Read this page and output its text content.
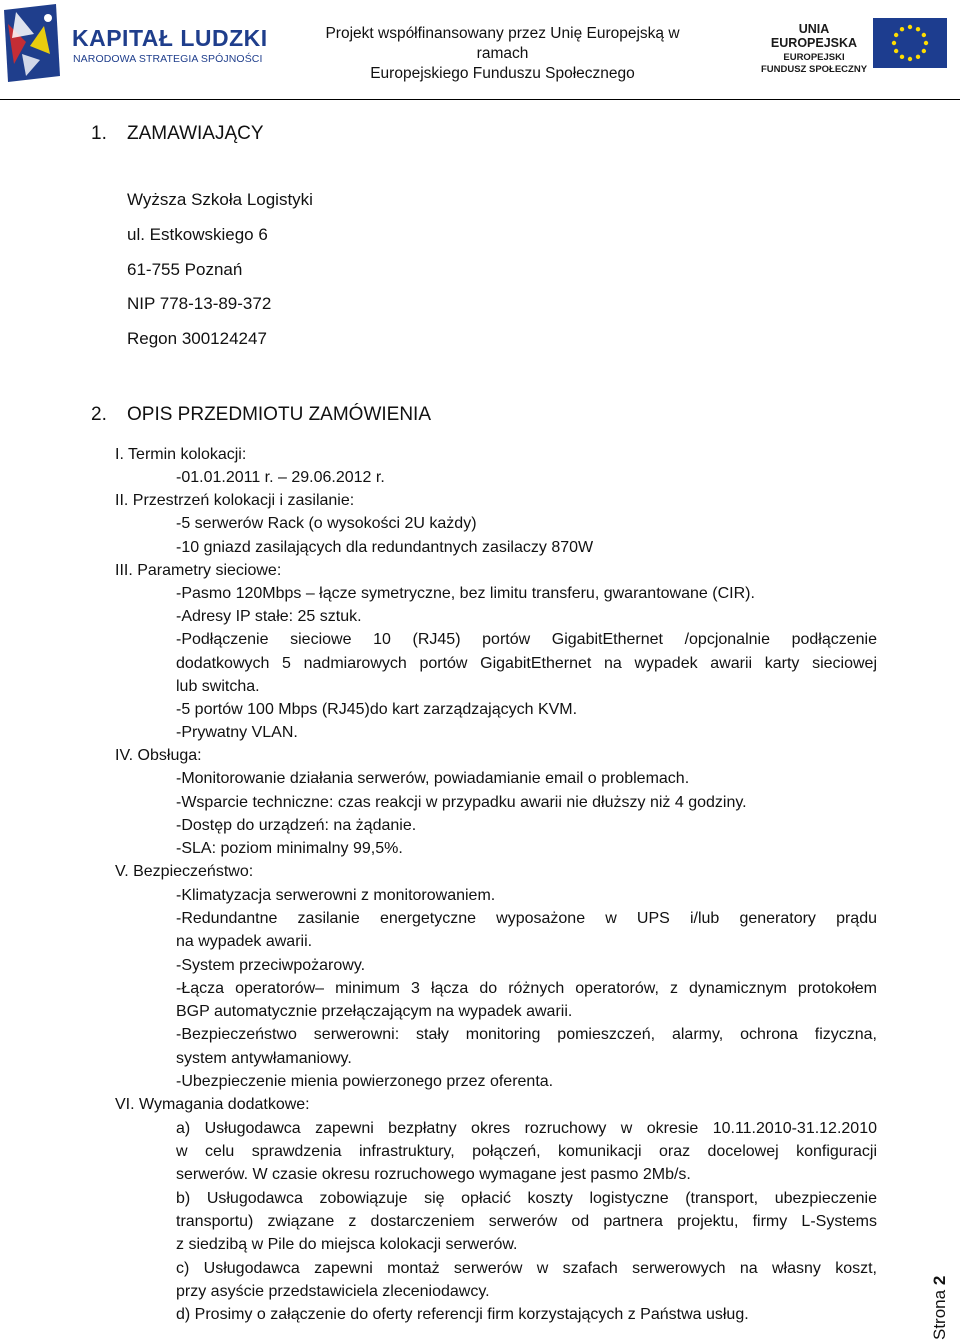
KAPITAŁ LUDZKI
NARODOWA STRATEGIA SPÓJNOŚCI
Projekt współfinansowany przez Unię Europejską w ramach
Europejskiego Funduszu Społecznego
UNIA EUROPEJSKA
EUROPEJSKI
FUNDUSZ SPOŁECZNY
1. ZAMAWIAJĄCY
Wyższa Szkoła Logistyki
ul. Estkowskiego 6
61-755 Poznań
NIP 778-13-89-372
Regon 300124247
2. OPIS PRZEDMIOTU ZAMÓWIENIA
I. Termin kolokacji:
-01.01.2011 r. – 29.06.2012 r.
II. Przestrzeń kolokacji i zasilanie:
-5 serwerów Rack (o wysokości 2U każdy)
-10 gniazd zasilających dla redundantnych zasilaczy 870W
III. Parametry sieciowe:
-Pasmo 120Mbps – łącze symetryczne, bez limitu transferu, gwarantowane (CIR).
-Adresy IP stałe: 25 sztuk.
-Podłączenie sieciowe 10 (RJ45) portów GigabitEthernet /opcjonalnie podłączenie
dodatkowych 5 nadmiarowych portów GigabitEthernet na wypadek awarii karty sieciowej
lub switcha.
-5 portów 100 Mbps (RJ45)do kart zarządzających KVM.
-Prywatny VLAN.
IV. Obsługa:
-Monitorowanie działania serwerów, powiadamianie email o problemach.
-Wsparcie techniczne: czas reakcji w przypadku awarii nie dłuższy niż 4 godziny.
-Dostęp do urządzeń: na żądanie.
-SLA: poziom minimalny 99,5%.
V. Bezpieczeństwo:
-Klimatyzacja serwerowni z monitorowaniem.
-Redundantne zasilanie energetyczne wyposażone w UPS i/lub generatory prądu
na wypadek awarii.
-System przeciwpożarowy.
-Łącza operatorów– minimum 3 łącza do różnych operatorów, z dynamicznym protokołem
BGP automatycznie przełączającym na wypadek awarii.
-Bezpieczeństwo serwerowni: stały monitoring pomieszczeń, alarmy, ochrona fizyczna,
system antywłamaniowy.
-Ubezpieczenie mienia powierzonego przez oferenta.
VI. Wymagania dodatkowe:
a) Usługodawca zapewni bezpłatny okres rozruchowy w okresie 10.11.2010-31.12.2010
w celu sprawdzenia infrastruktury, połączeń, komunikacji oraz docelowej konfiguracji
serwerów. W czasie okresu rozruchowego wymagane jest pasmo 2Mb/s.
b) Usługodawca zobowiązuje się opłacić koszty logistyczne (transport, ubezpieczenie
transportu) związane z dostarczeniem serwerów od partnera projektu, firmy L-Systems
z siedzibą w Pile do miejsca kolokacji serwerów.
c) Usługodawca zapewni montaż serwerów w szafach serwerowych na własny koszt,
przy asyście przedstawiciela zleceniodawcy.
d) Prosimy o załączenie do oferty referencji firm korzystających z Państwa usług.	Strona 2
